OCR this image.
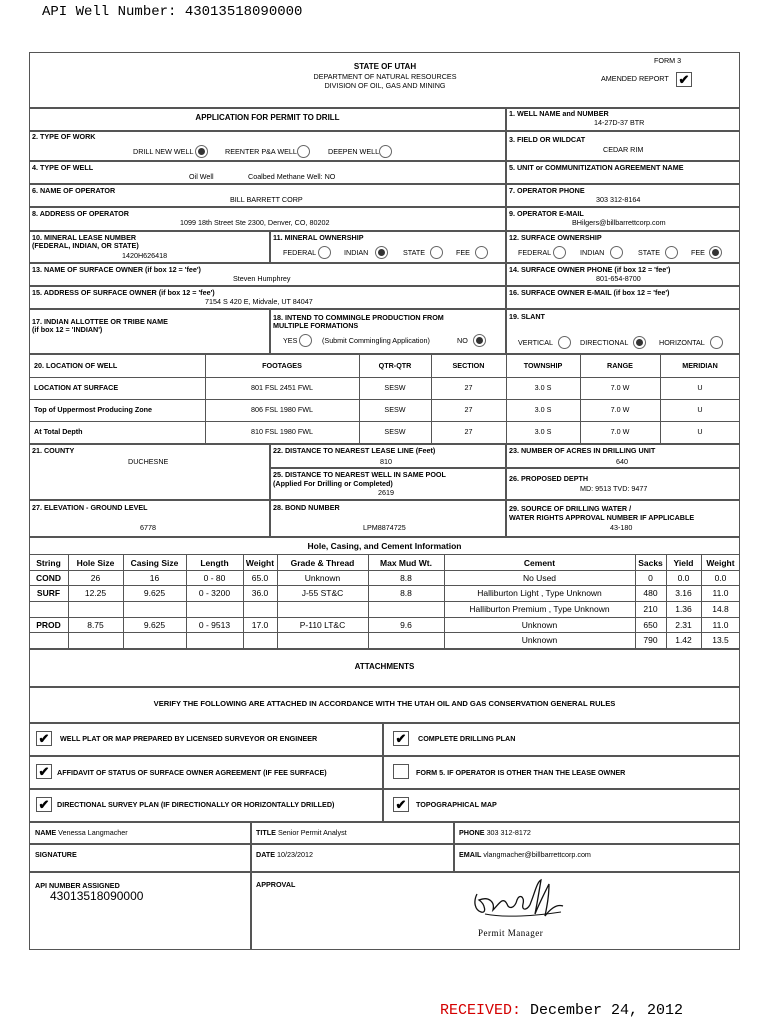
API Well Number: 43013518090000
FORM 3
STATE OF UTAH
DEPARTMENT OF NATURAL RESOURCES
DIVISION OF OIL, GAS AND MINING
AMENDED REPORT ✔
APPLICATION FOR PERMIT TO DRILL	1. WELL NAME and NUMBER
14-27D-37 BTR
2. TYPE OF WORK
DRILL NEW WELL	REENTER P&A WELL	DEEPEN WELL
3. FIELD OR WILDCAT
CEDAR RIM
4. TYPE OF WELL
Oil Well	Coalbed Methane Well: NO
5. UNIT or COMMUNITIZATION AGREEMENT NAME
6. NAME OF OPERATOR
BILL BARRETT CORP
7. OPERATOR PHONE
303 312-8164
8. ADDRESS OF OPERATOR
1099 18th Street Ste 2300, Denver, CO, 80202
9. OPERATOR E-MAIL
BHilgers@billbarrettcorp.com
10. MINERAL LEASE NUMBER
(FEDERAL, INDIAN, OR STATE)
1420H626418
11. MINERAL OWNERSHIP
FEDERAL	INDIAN	STATE	FEE
12. SURFACE OWNERSHIP
FEDERAL	INDIAN	STATE	FEE
13. NAME OF SURFACE OWNER (if box 12 = 'fee')
Steven Humphrey
14. SURFACE OWNER PHONE (if box 12 = 'fee')
801-654-8700
15. ADDRESS OF SURFACE OWNER (if box 12 = 'fee')
7154 S 420 E, Midvale, UT 84047
16. SURFACE OWNER E-MAIL (if box 12 = 'fee')
17. INDIAN ALLOTTEE OR TRIBE NAME
(if box 12 = 'INDIAN')
18. INTEND TO COMMINGLE PRODUCTION FROM
MULTIPLE FORMATIONS
YES	(Submit Commingling Application)	NO
19. SLANT
VERTICAL	DIRECTIONAL	HORIZONTAL
20. LOCATION OF WELL	FOOTAGES	QTR-QTR	SECTION	TOWNSHIP	RANGE	MERIDIAN
LOCATION AT SURFACE	801 FSL 2451 FWL	SESW	27	3.0 S	7.0 W	U
Top of Uppermost Producing Zone	806 FSL 1980 FWL	SESW	27	3.0 S	7.0 W	U
At Total Depth	810 FSL 1980 FWL	SESW	27	3.0 S	7.0 W	U
21. COUNTY
DUCHESNE
22. DISTANCE TO NEAREST LEASE LINE (Feet)
810
23. NUMBER OF ACRES IN DRILLING UNIT
640
25. DISTANCE TO NEAREST WELL IN SAME POOL
(Applied For Drilling or Completed)
2619
26. PROPOSED DEPTH
MD: 9513 TVD: 9477
27. ELEVATION - GROUND LEVEL
6778
28. BOND NUMBER
LPM8874725
29. SOURCE OF DRILLING WATER /
WATER RIGHTS APPROVAL NUMBER IF APPLICABLE
43-180
Hole, Casing, and Cement Information
String	Hole Size	Casing Size	Length	Weight	Grade & Thread	Max Mud Wt.	Cement	Sacks	Yield	Weight
COND	26	16	0 - 80	65.0	Unknown	8.8	No Used	0	0.0	0.0
SURF	12.25	9.625	0 - 3200	36.0	J-55 ST&C	8.8	Halliburton Light , Type Unknown	480	3.16	11.0
Halliburton Premium , Type Unknown	210	1.36	14.8
PROD	8.75	9.625	0 - 9513	17.0	P-110 LT&C	9.6	Unknown	650	2.31	11.0
Unknown	790	1.42	13.5
ATTACHMENTS
VERIFY THE FOLLOWING ARE ATTACHED IN ACCORDANCE WITH THE UTAH OIL AND GAS CONSERVATION GENERAL RULES
✔	WELL PLAT OR MAP PREPARED BY LICENSED SURVEYOR OR ENGINEER	✔	COMPLETE DRILLING PLAN
✔	AFFIDAVIT OF STATUS OF SURFACE OWNER AGREEMENT (IF FEE SURFACE)	FORM 5. IF OPERATOR IS OTHER THAN THE LEASE OWNER
✔	DIRECTIONAL SURVEY PLAN (IF DIRECTIONALLY OR HORIZONTALLY DRILLED)	✔	TOPOGRAPHICAL MAP
NAME Venessa Langmacher	TITLE Senior Permit Analyst	PHONE 303 312-8172
SIGNATURE	DATE 10/23/2012	EMAIL vlangmacher@billbarrettcorp.com
API NUMBER ASSIGNED
43013518090000
APPROVAL
Permit Manager
RECEIVED: December 24, 2012
